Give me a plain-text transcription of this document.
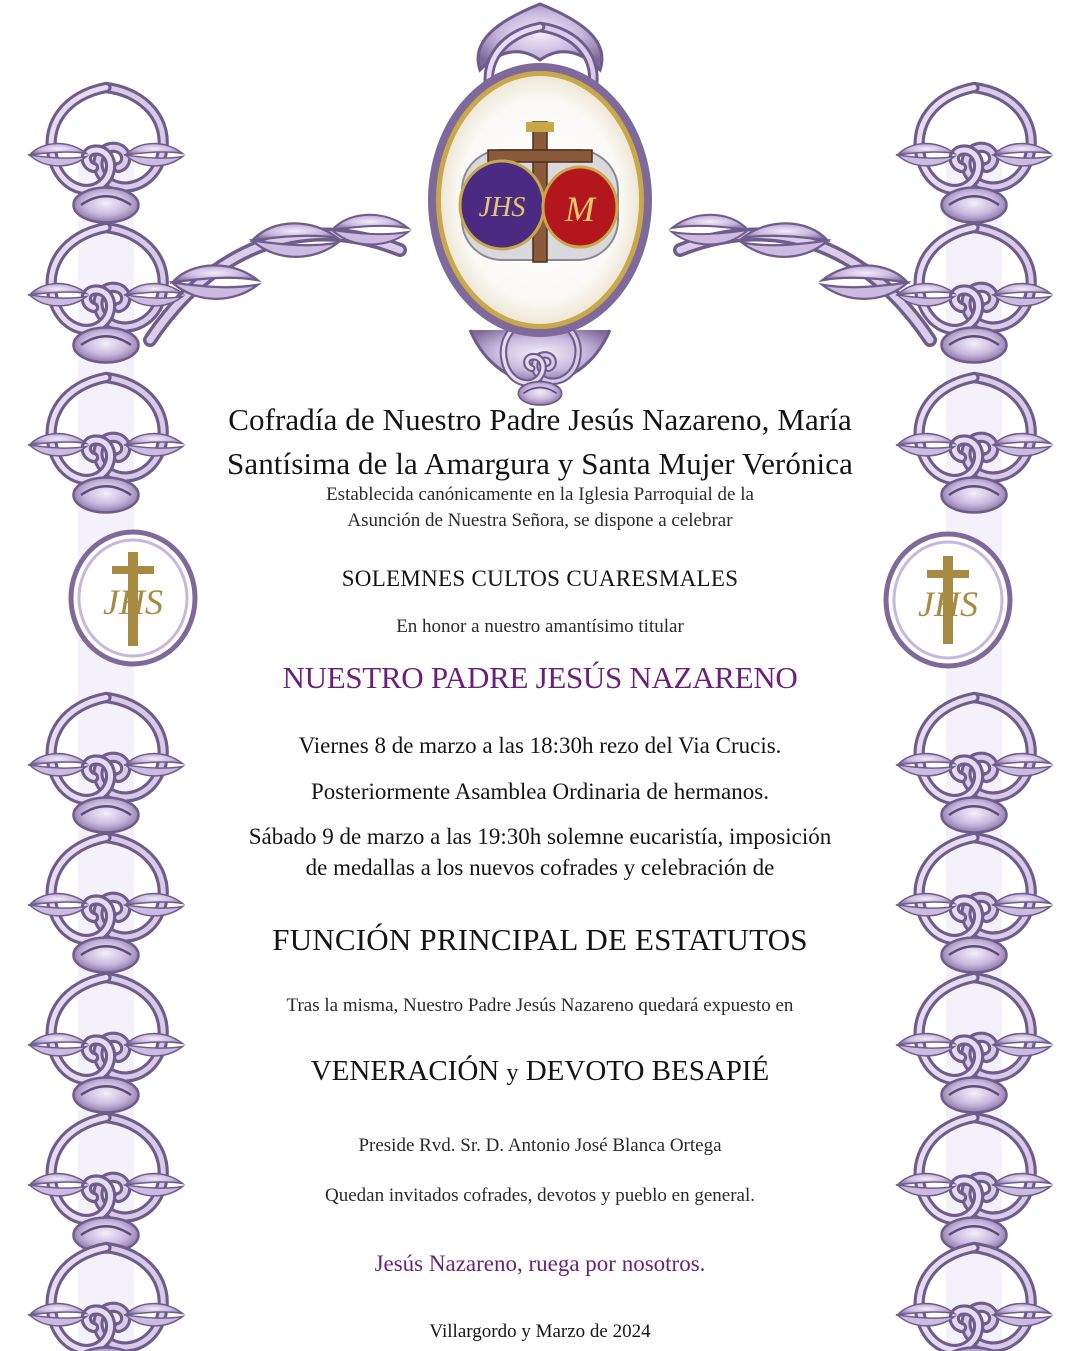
JHS M
JHS	JHS
Cofradía de Nuestro Padre Jesús Nazareno, María
Santísima de la Amargura y Santa Mujer Verónica
Establecida canónicamente en la Iglesia Parroquial de la
Asunción de Nuestra Señora, se dispone a celebrar
SOLEMNES CULTOS CUARESMALES
En honor a nuestro amantísimo titular
NUESTRO PADRE JESÚS NAZARENO
Viernes 8 de marzo a las 18:30h rezo del Via Crucis.
Posteriormente Asamblea Ordinaria de hermanos.
Sábado 9 de marzo a las 19:30h solemne eucaristía, imposición
de medallas a los nuevos cofrades y celebración de
FUNCIÓN PRINCIPAL DE ESTATUTOS
Tras la misma, Nuestro Padre Jesús Nazareno quedará expuesto en
VENERACIÓN y DEVOTO BESAPIÉ
Preside Rvd. Sr. D. Antonio José Blanca Ortega
Quedan invitados cofrades, devotos y pueblo en general.
Jesús Nazareno, ruega por nosotros.
Villargordo y Marzo de 2024
